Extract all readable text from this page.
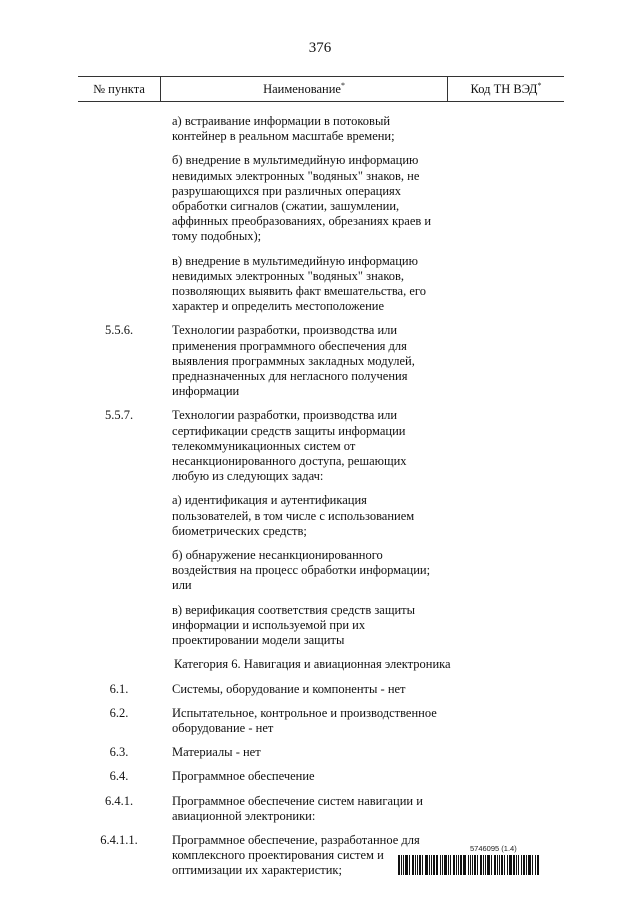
376
№ пункта	Наименование*	Код ТН ВЭД*
а) встраивание информации в потоковый контейнер в реальном масштабе времени;
б) внедрение в мультимедийную информацию невидимых электронных "водяных" знаков, не разрушающихся при различных операциях обработки сигналов (сжатии, зашумлении, аффинных преобразованиях, обрезаниях краев и тому подобных);
в) внедрение в мультимедийную информацию невидимых электронных "водяных" знаков, позволяющих выявить факт вмешательства, его характер и определить местоположение
5.5.6.	Технологии разработки, производства или применения программного обеспечения для выявления программных закладных модулей, предназначенных для негласного получения информации
5.5.7.	Технологии разработки, производства или сертификации средств защиты информации телекоммуникационных систем от несанкционированного доступа, решающих любую из следующих задач:
а) идентификация и аутентификация пользователей, в том числе с использованием биометрических средств;
б) обнаружение несанкционированного воздействия на процесс обработки информации; или
в) верификация соответствия средств защиты информации и используемой при их проектировании модели защиты
Категория 6. Навигация и авиационная электроника
6.1.	Системы, оборудование и компоненты - нет
6.2.	Испытательное, контрольное и производственное оборудование - нет
6.3.	Материалы - нет
6.4.	Программное обеспечение
6.4.1.	Программное обеспечение систем навигации и авиационной электроники:
6.4.1.1.	Программное обеспечение, разработанное для комплексного проектирования систем и оптимизации их характеристик;
5746095 (1.4)
